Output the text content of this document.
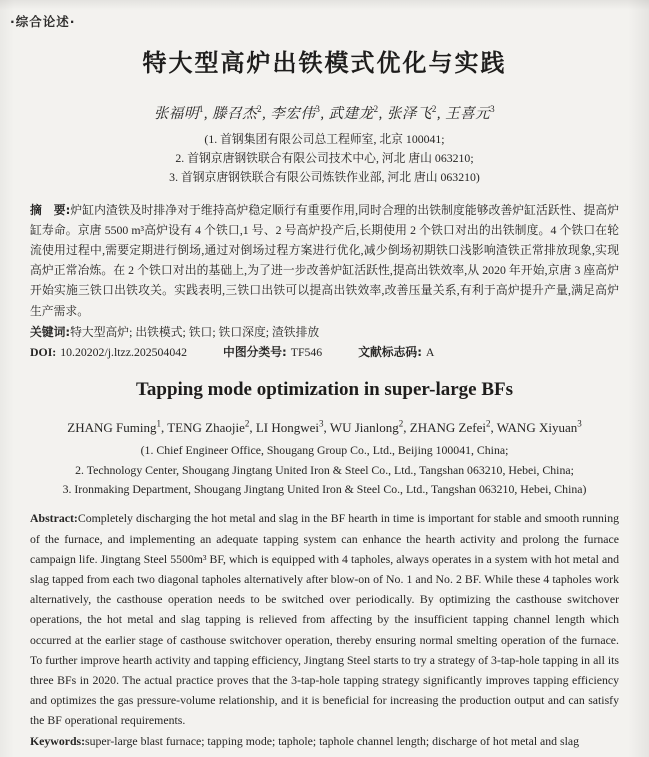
·综合论述·
特大型高炉出铁模式优化与实践
张福明$^1$, 滕召杰$^2$, 李宏伟$^3$, 武建龙$^2$, 张泽飞$^2$, 王喜元$^3$
(1. 首钢集团有限公司总工程师室, 北京 100041;
2. 首钢京唐钢铁联合有限公司技术中心, 河北 唐山 063210;
3. 首钢京唐钢铁联合有限公司炼铁作业部, 河北 唐山 063210)

摘　要:炉缸内渣铁及时排净对于维持高炉稳定顺行有重要作用,同时合理的出铁制度能够改善炉缸活跃性、提高炉缸寿命。京唐 5500 m³高炉设有 4 个铁口,1 号、2 号高炉投产后,长期使用 2 个铁口对出的出铁制度。4 个铁口在轮流使用过程中,需要定期进行倒场,通过对倒场过程方案进行优化,减少倒场初期铁口浅影响渣铁正常排放现象,实现高炉正常冶炼。在 2 个铁口对出的基础上,为了进一步改善炉缸活跃性,提高出铁效率,从 2020 年开始,京唐 3 座高炉开始实施三铁口出铁攻关。实践表明,三铁口出铁可以提高出铁效率,改善压量关系,有利于高炉提升产量,满足高炉生产需求。

关键词:特大型高炉; 出铁模式; 铁口; 铁口深度; 渣铁排放

DOI: 10.20202/j.ltzz.202504042	中图分类号: TF546	文献标志码: A

Tapping mode optimization in super-large BFs
ZHANG Fuming$^1$, TENG Zhaojie$^2$, LI Hongwei$^3$, WU Jianlong$^2$, ZHANG Zefei$^2$, WANG Xiyuan$^3$
(1. Chief Engineer Office, Shougang Group Co., Ltd., Beijing 100041, China;
2. Technology Center, Shougang Jingtang United Iron & Steel Co., Ltd., Tangshan 063210, Hebei, China;
3. Ironmaking Department, Shougang Jingtang United Iron & Steel Co., Ltd., Tangshan 063210, Hebei, China)

Abstract:Completely discharging the hot metal and slag in the BF hearth in time is important for stable and smooth running of the furnace, and implementing an adequate tapping system can enhance the hearth activity and prolong the furnace campaign life. Jingtang Steel 5500m³ BF, which is equipped with 4 tapholes, always operates in a system with hot metal and slag tapped from each two diagonal tapholes alternatively after blow-on of No. 1 and No. 2 BF. While these 4 tapholes work alternatively, the casthouse operation needs to be switched over periodically. By optimizing the casthouse switchover operations, the hot metal and slag tapping is relieved from affecting by the insufficient tapping channel length which occurred at the earlier stage of casthouse switchover operation, thereby ensuring normal smelting operation of the furnace. To further improve hearth activity and tapping efficiency, Jingtang Steel starts to try a strategy of 3-tap-hole tapping in all its three BFs in 2020. The actual practice proves that the 3-tap-hole tapping strategy significantly improves tapping efficiency and optimizes the gas pressure-volume relationship, and it is beneficial for increasing the production output and can satisfy the BF operational requirements.

Keywords:super-large blast furnace; tapping mode; taphole; taphole channel length; discharge of hot metal and slag
